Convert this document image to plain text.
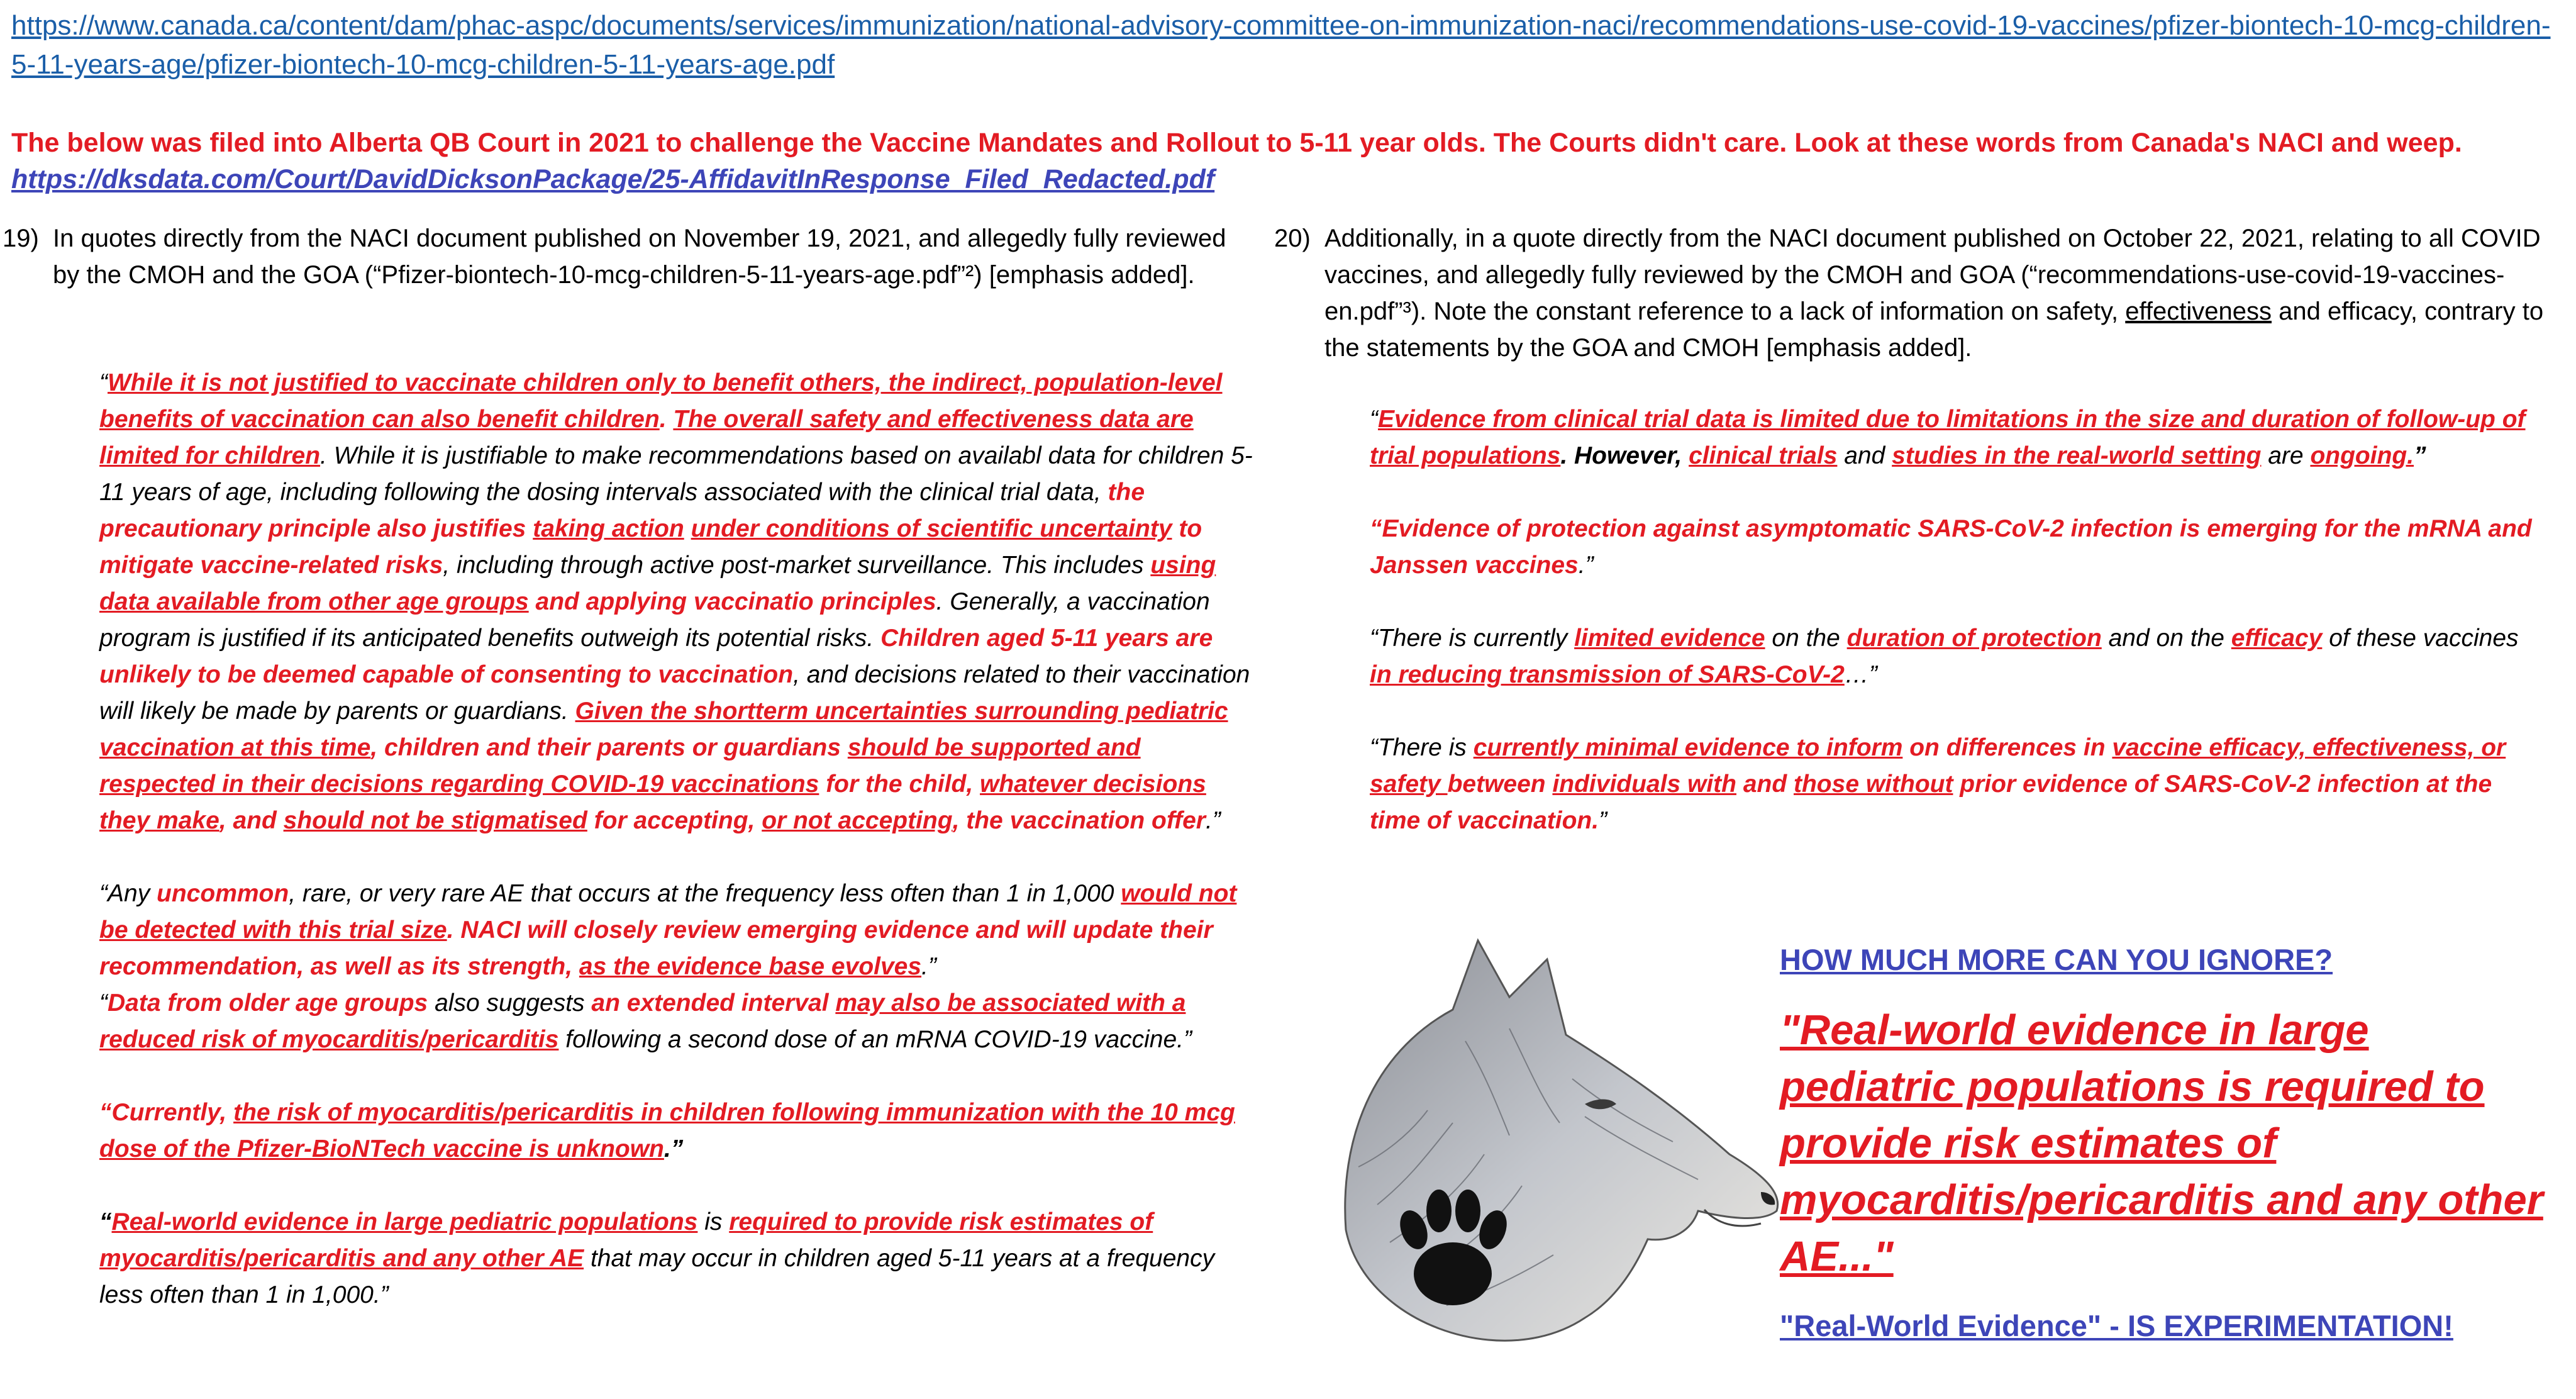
https://www.canada.ca/content/dam/phac-aspc/documents/services/immunization/national-advisory-committee-on-immunization-naci/recommendations-use-covid-19-vaccines/pfizer-biontech-10-mcg-children-5-11-years-age/pfizer-biontech-10-mcg-children-5-11-years-age.pdf
The below was filed into Alberta QB Court in 2021 to challenge the Vaccine Mandates and Rollout to 5-11 year olds. The Courts didn't care. Look at these words from Canada's NACI and weep.
https://dksdata.com/Court/DavidDicksonPackage/25-AffidavitInResponse_Filed_Redacted.pdf
19) In quotes directly from the NACI document published on November 19, 2021, and allegedly fully reviewed by the CMOH and the GOA (“Pfizer-biontech-10-mcg-children-5-11-years-age.pdf”²) [emphasis added].

“While it is not justified to vaccinate children only to benefit others, the indirect, population-level benefits of vaccination can also benefit children. The overall safety and effectiveness data are limited for children. While it is justifiable to make recommendations based on availabl data for children 5-11 years of age, including following the dosing intervals associated with the clinical trial data, the precautionary principle also justifies taking action under conditions of scientific uncertainty to mitigate vaccine-related risks, including through active post-market surveillance. This includes using data available from other age groups and applying vaccinatio principles. Generally, a vaccination program is justified if its anticipated benefits outweigh its potential risks. Children aged 5-11 years are unlikely to be deemed capable of consenting to vaccination, and decisions related to their vaccination will likely be made by parents or guardians. Given the shortterm uncertainties surrounding pediatric vaccination at this time, children and their parents or guardians should be supported and respected in their decisions regarding COVID-19 vaccinations for the child, whatever decisions they make, and should not be stigmatised for accepting, or not accepting, the vaccination offer.”

“Any uncommon, rare, or very rare AE that occurs at the frequency less often than 1 in 1,000 would not be detected with this trial size. NACI will closely review emerging evidence and will update their recommendation, as well as its strength, as the evidence base evolves.”

“Data from older age groups also suggests an extended interval may also be associated with a reduced risk of myocarditis/pericarditis following a second dose of an mRNA COVID-19 vaccine.”

“Currently, the risk of myocarditis/pericarditis in children following immunization with the 10 mcg dose of the Pfizer-BioNTech vaccine is unknown.”

“Real-world evidence in large pediatric populations is required to provide risk estimates of myocarditis/pericarditis and any other AE that may occur in children aged 5-11 years at a frequency less often than 1 in 1,000.”

20) Additionally, in a quote directly from the NACI document published on October 22, 2021, relating to all COVID vaccines, and allegedly fully reviewed by the CMOH and GOA (“recommendations-use-covid-19-vaccines-en.pdf”³). Note the constant reference to a lack of information on safety, effectiveness and efficacy, contrary to the statements by the GOA and CMOH [emphasis added].

“Evidence from clinical trial data is limited due to limitations in the size and duration of follow-up of trial populations. However, clinical trials and studies in the real-world setting are ongoing.”

“Evidence of protection against asymptomatic SARS-CoV-2 infection is emerging for the mRNA and Janssen vaccines.”

“There is currently limited evidence on the duration of protection and on the efficacy of these vaccines in reducing transmission of SARS-CoV-2…”

“There is currently minimal evidence to inform on differences in vaccine efficacy, effectiveness, or safety between individuals with and those without prior evidence of SARS-CoV-2 infection at the time of vaccination.”

HOW MUCH MORE CAN YOU IGNORE?
"Real-world evidence in large pediatric populations is required to provide risk estimates of myocarditis/pericarditis and any other AE..."
"Real-World Evidence" - IS EXPERIMENTATION!
